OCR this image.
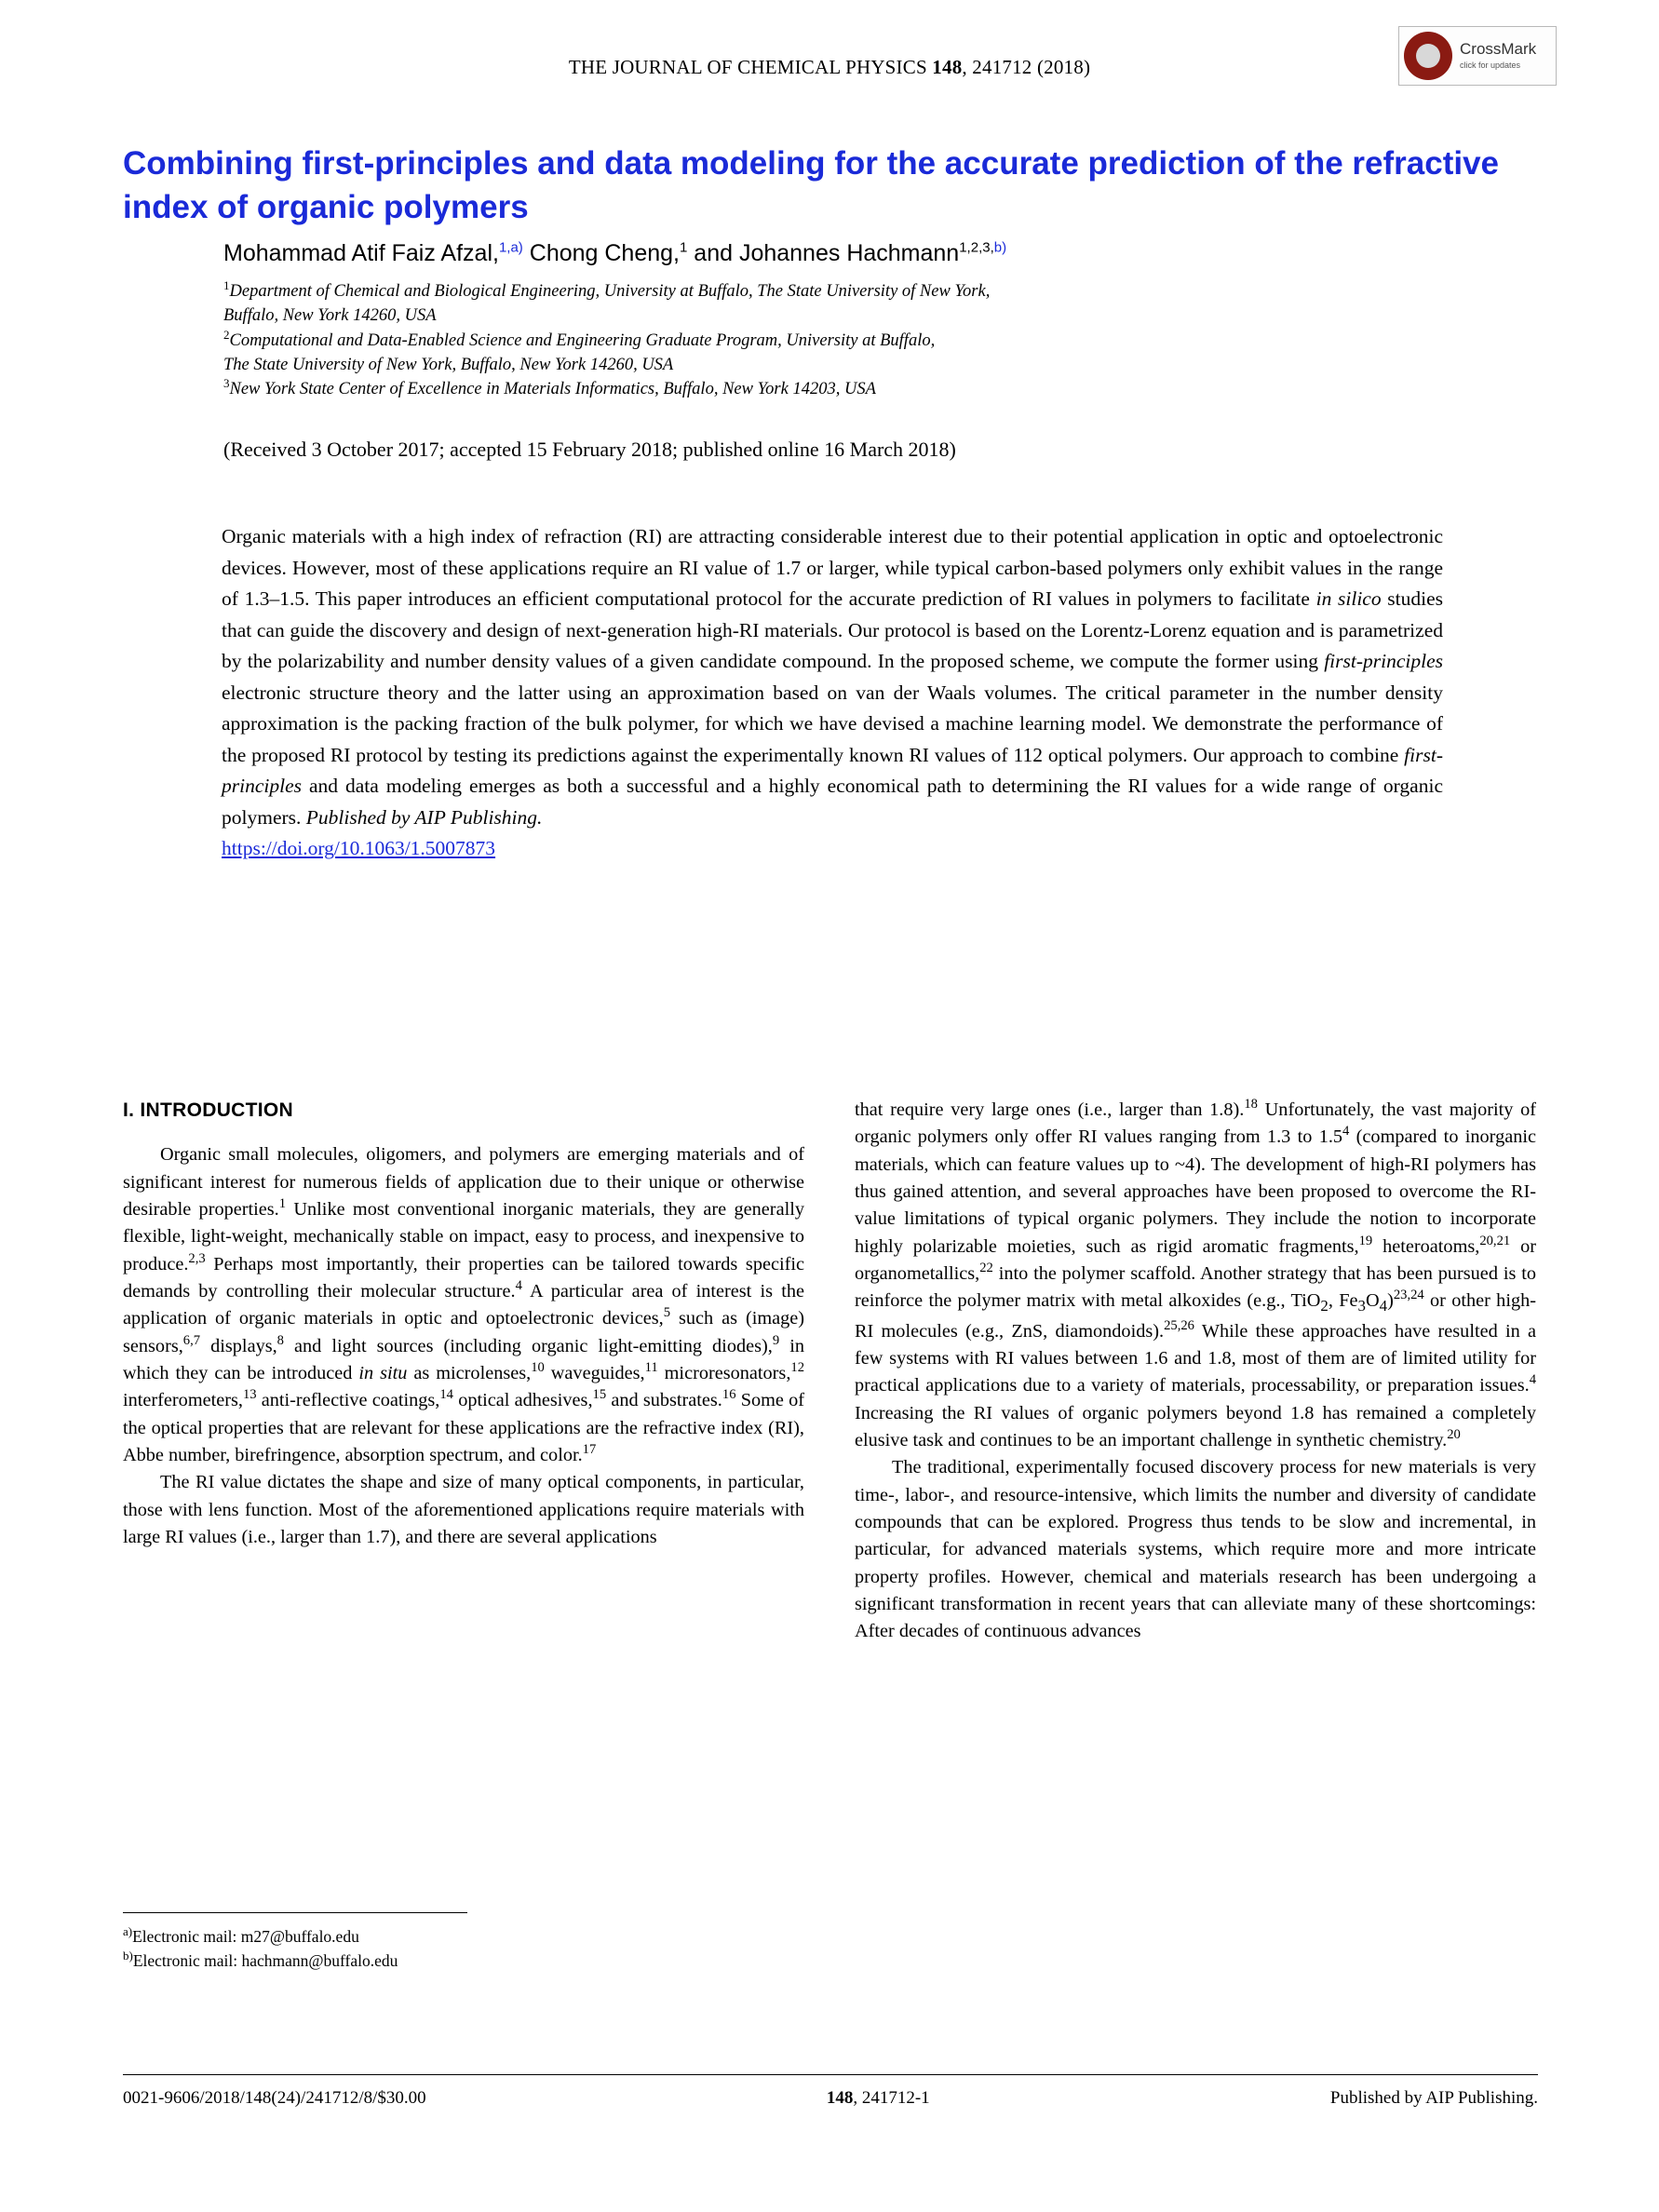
THE JOURNAL OF CHEMICAL PHYSICS 148, 241712 (2018)
CrossMark
click for updates
Combining first-principles and data modeling for the accurate prediction of the refractive index of organic polymers
Mohammad Atif Faiz Afzal,$^{1,a)}$ Chong Cheng,$^1$ and Johannes Hachmann$^{1,2,3,b)}$
$^1$Department of Chemical and Biological Engineering, University at Buffalo, The State University of New York,
Buffalo, New York 14260, USA
$^2$Computational and Data-Enabled Science and Engineering Graduate Program, University at Buffalo,
The State University of New York, Buffalo, New York 14260, USA
$^3$New York State Center of Excellence in Materials Informatics, Buffalo, New York 14203, USA
(Received 3 October 2017; accepted 15 February 2018; published online 16 March 2018)
Organic materials with a high index of refraction (RI) are attracting considerable interest due to their potential application in optic and optoelectronic devices. However, most of these applications require an RI value of 1.7 or larger, while typical carbon-based polymers only exhibit values in the range of 1.3–1.5. This paper introduces an efficient computational protocol for the accurate prediction of RI values in polymers to facilitate in silico studies that can guide the discovery and design of next-generation high-RI materials. Our protocol is based on the Lorentz-Lorenz equation and is parametrized by the polarizability and number density values of a given candidate compound. In the proposed scheme, we compute the former using first-principles electronic structure theory and the latter using an approximation based on van der Waals volumes. The critical parameter in the number density approximation is the packing fraction of the bulk polymer, for which we have devised a machine learning model. We demonstrate the performance of the proposed RI protocol by testing its predictions against the experimentally known RI values of 112 optical polymers. Our approach to combine first-principles and data modeling emerges as both a successful and a highly economical path to determining the RI values for a wide range of organic polymers. Published by AIP Publishing.
https://doi.org/10.1063/1.5007873
I. INTRODUCTION

Organic small molecules, oligomers, and polymers are emerging materials and of significant interest for numerous fields of application due to their unique or otherwise desirable properties.$^1$ Unlike most conventional inorganic materials, they are generally flexible, light-weight, mechanically stable on impact, easy to process, and inexpensive to produce.$^{2,3}$ Perhaps most importantly, their properties can be tailored towards specific demands by controlling their molecular structure.$^4$ A particular area of interest is the application of organic materials in optic and optoelectronic devices,$^5$ such as (image) sensors,$^{6,7}$ displays,$^8$ and light sources (including organic light-emitting diodes),$^9$ in which they can be introduced in situ as microlenses,$^{10}$ waveguides,$^{11}$ microresonators,$^{12}$ interferometers,$^{13}$ anti-reflective coatings,$^{14}$ optical adhesives,$^{15}$ and substrates.$^{16}$ Some of the optical properties that are relevant for these applications are the refractive index (RI), Abbe number, birefringence, absorption spectrum, and color.$^{17}$

The RI value dictates the shape and size of many optical components, in particular, those with lens function. Most of the aforementioned applications require materials with large RI values (i.e., larger than 1.7), and there are several applications

that require very large ones (i.e., larger than 1.8).$^{18}$ Unfortunately, the vast majority of organic polymers only offer RI values ranging from 1.3 to $1.5^4$ (compared to inorganic materials, which can feature values up to ~4). The development of high-RI polymers has thus gained attention, and several approaches have been proposed to overcome the RI-value limitations of typical organic polymers. They include the notion to incorporate highly polarizable moieties, such as rigid aromatic fragments,$^{19}$ heteroatoms,$^{20,21}$ or organometallics,$^{22}$ into the polymer scaffold. Another strategy that has been pursued is to reinforce the polymer matrix with metal alkoxides (e.g., TiO$_2$, $Fe_3O_4)^{23,24}$ or other high-RI molecules (e.g., ZnS, diamondoids).$^{25,26}$ While these approaches have resulted in a few systems with RI values between 1.6 and 1.8, most of them are of limited utility for practical applications due to a variety of materials, processability, or preparation issues.$^4$ Increasing the RI values of organic polymers beyond 1.8 has remained a completely elusive task and continues to be an important challenge in synthetic chemistry.$^{20}$

The traditional, experimentally focused discovery process for new materials is very time-, labor-, and resource-intensive, which limits the number and diversity of candidate compounds that can be explored. Progress thus tends to be slow and incremental, in particular, for advanced materials systems, which require more and more intricate property profiles. However, chemical and materials research has been undergoing a significant transformation in recent years that can alleviate many of these shortcomings: After decades of continuous advances

$^{a)}$Electronic mail: m27@buffalo.edu
$^{b)}$Electronic mail: hachmann@buffalo.edu
0021-9606/2018/148(24)/241712/8/$30.00	148, 241712-1	Published by AIP Publishing.
